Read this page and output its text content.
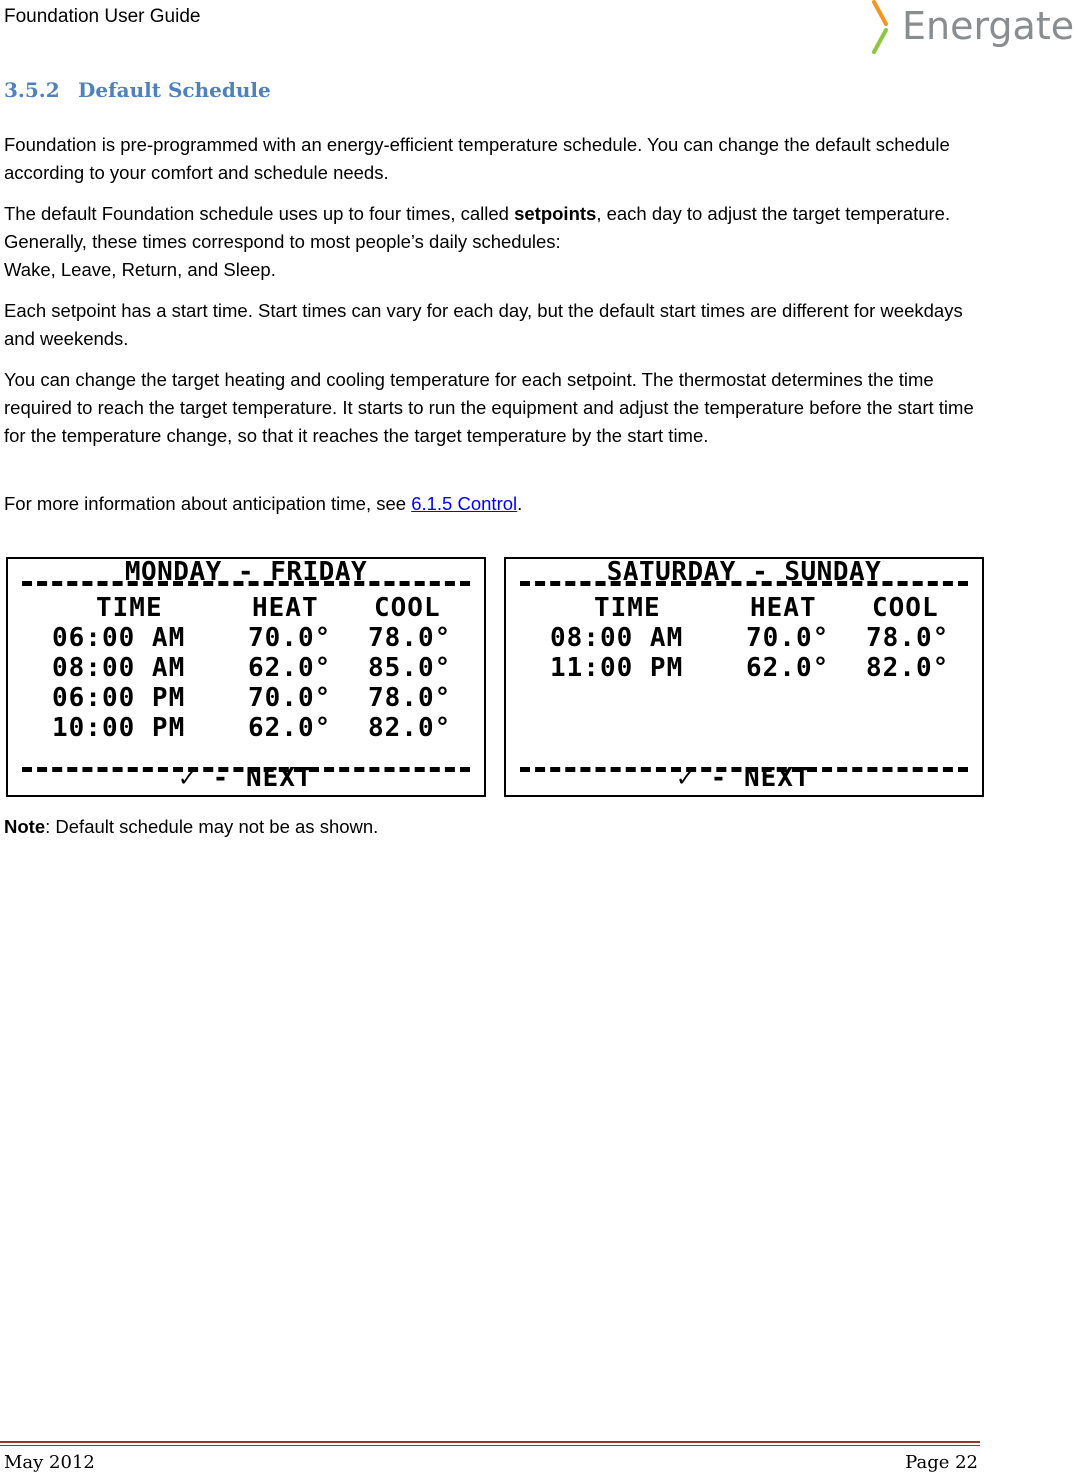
Foundation User Guide	Energate
3.5.2 Default Schedule

Foundation is pre-programmed with an energy-efficient temperature schedule. You can change the default schedule according to your comfort and schedule needs.

The default Foundation schedule uses up to four times, called setpoints, each day to adjust the target temperature. Generally, these times correspond to most people’s daily schedules:
Wake, Leave, Return, and Sleep.

Each setpoint has a start time. Start times can vary for each day, but the default start times are different for weekdays and weekends.

You can change the target heating and cooling temperature for each setpoint. The thermostat determines the time required to reach the target temperature. It starts to run the equipment and adjust the temperature before the start time for the temperature change, so that it reaches the target temperature by the start time.

For more information about anticipation time, see 6.1.5 Control.

MONDAY - FRIDAY
TIME	HEAT COOL
06:00 AM 70.0° 78.0°
08:00 AM 62.0° 85.0°
06:00 PM 70.0° 78.0°
10:00 PM 62.0° 82.0°
✓ - NEXT
SATURDAY - SUNDAY
TIME	HEAT COOL
08:00 AM 70.0° 78.0°
11:00 PM 62.0° 82.0°
✓ - NEXT
Note: Default schedule may not be as shown.
May 2012	Page 22
